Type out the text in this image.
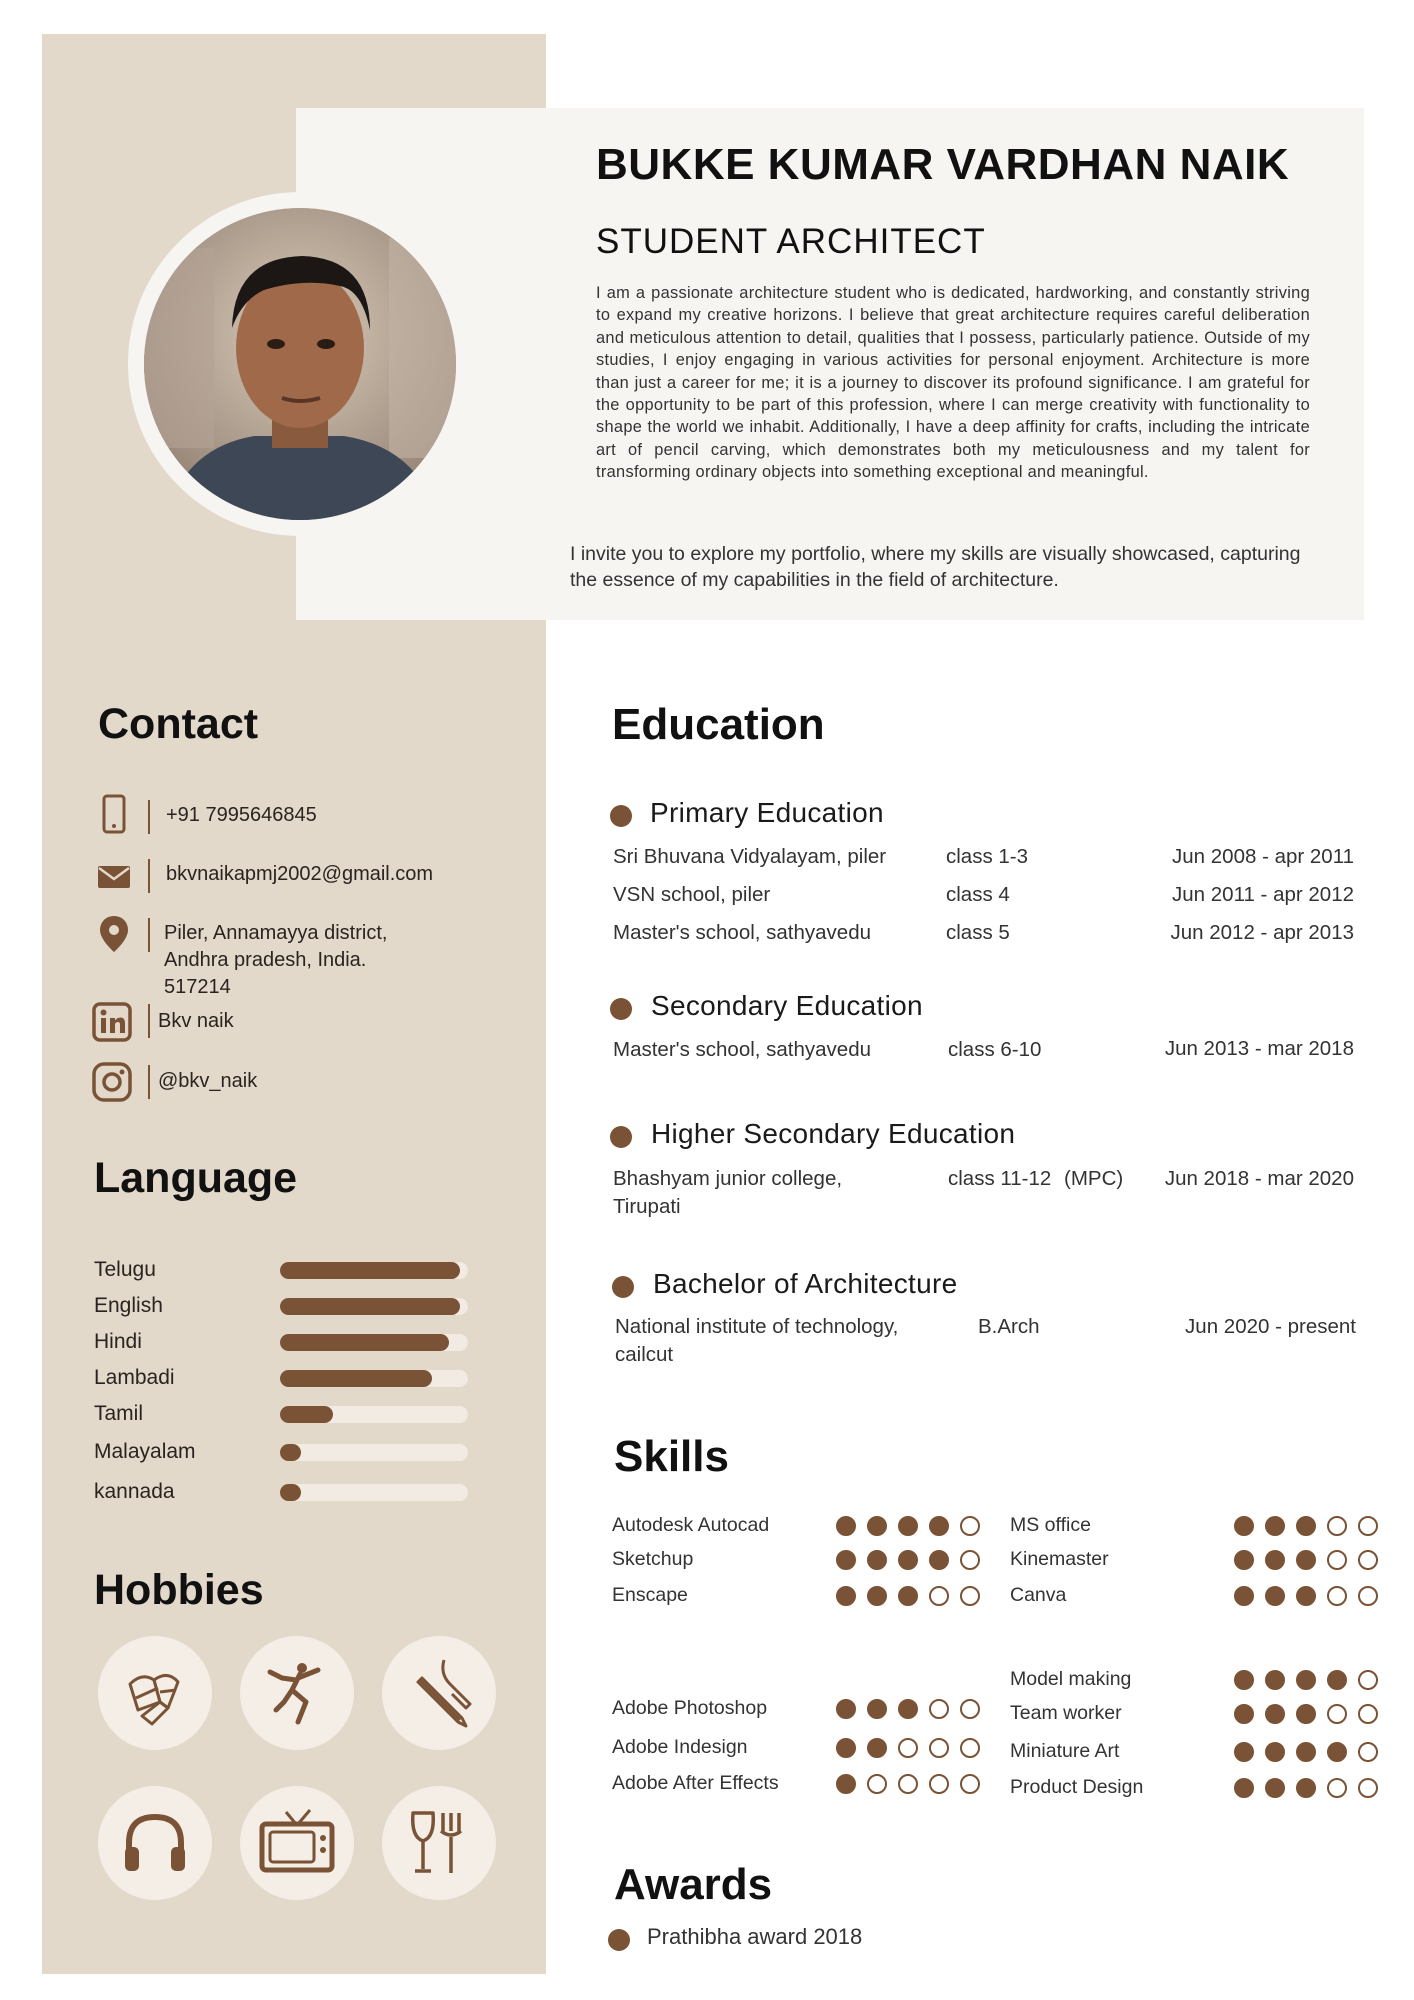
BUKKE KUMAR VARDHAN NAIK
STUDENT ARCHITECT

I am a passionate architecture student who is dedicated, hardworking, and constantly striving to expand my creative horizons. I believe that great architecture requires careful deliberation and meticulous attention to detail, qualities that I possess, particularly patience. Outside of my studies, I enjoy engaging in various activities for personal enjoyment. Architecture is more than just a career for me; it is a journey to discover its profound significance. I am grateful for the opportunity to be part of this profession, where I can merge creativity with functionality to shape the world we inhabit. Additionally, I have a deep affinity for crafts, including the intricate art of pencil carving, which demonstrates both my meticulousness and my talent for transforming ordinary objects into something exceptional and meaningful.

I invite you to explore my portfolio, where my skills are visually showcased, capturing the essence of my capabilities in the field of architecture.

Contact
+91 7995646845
bkvnaikapmj2002@gmail.com
Piler, Annamayya district,
Andhra pradesh, India.
517214
Bkv naik
@bkv_naik
Language
Telugu
English
Hindi
Lambadi
Tamil
Malayalam
kannada
Hobbies
Education
Primary Education
Sri Bhuvana Vidyalayam, piler	class 1-3	Jun 2008 - apr 2011
VSN school, piler	class 4	Jun 2011 - apr 2012
Master's school, sathyavedu	class 5	Jun 2012 - apr 2013
Secondary Education
Master's school, sathyavedu	class 6-10	Jun 2013 - mar 2018
Higher Secondary Education
Bhashyam junior college,
Tirupati
class 11-12 (MPC)	Jun 2018 - mar 2020
Bachelor of Architecture
National institute of technology,
cailcut
B.Arch	Jun 2020 - present
Skills
Autodesk Autocad
Sketchup
Enscape
Adobe Photoshop
Adobe Indesign
Adobe After Effects
MS office
Kinemaster
Canva
Model making
Team worker
Miniature Art
Product Design
Awards
Prathibha award 2018
